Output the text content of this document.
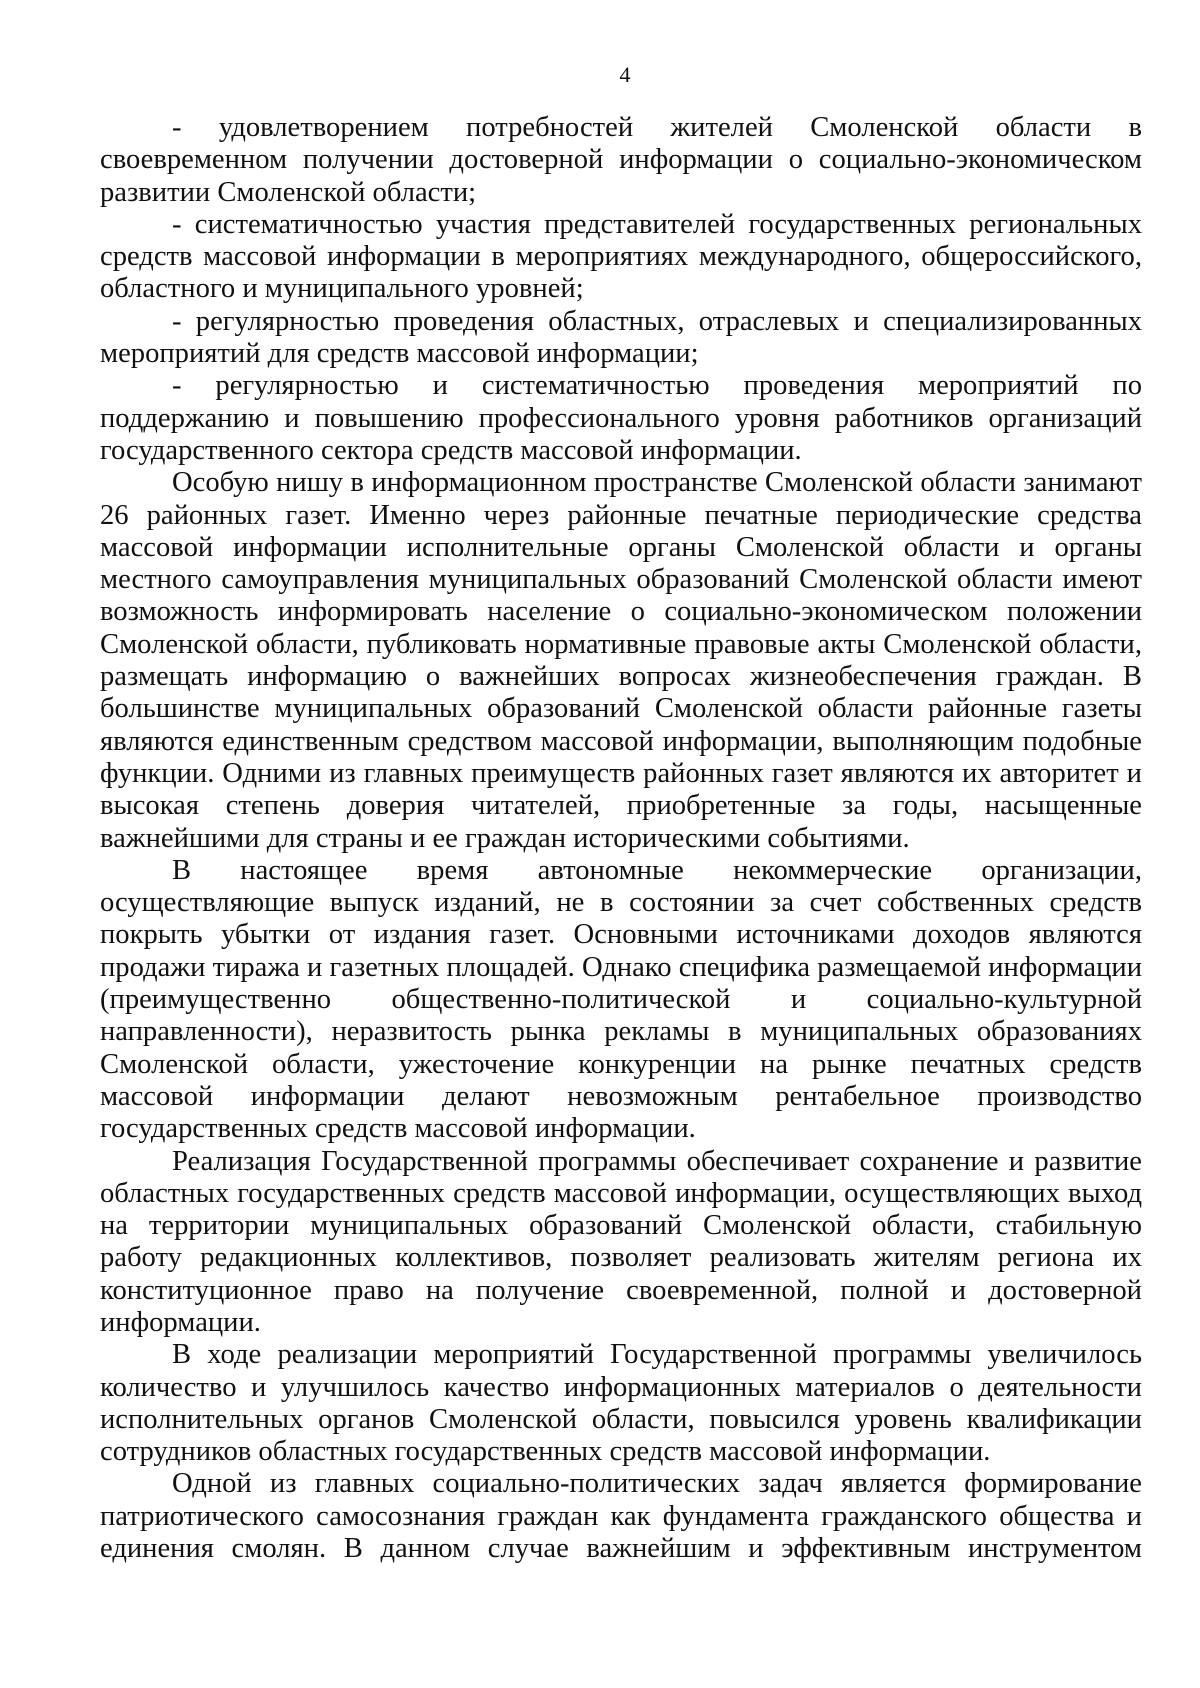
4

- удовлетворением потребностей жителей Смоленской области в своевременном получении достоверной информации о социально-экономическом развитии Смоленской области;

- систематичностью участия представителей государственных региональных средств массовой информации в мероприятиях международного, общероссийского, областного и муниципального уровней;

- регулярностью проведения областных, отраслевых и специализированных мероприятий для средств массовой информации;

- регулярностью и систематичностью проведения мероприятий по поддержанию и повышению профессионального уровня работников организаций государственного сектора средств массовой информации.

Особую нишу в информационном пространстве Смоленской области занимают 26 районных газет. Именно через районные печатные периодические средства массовой информации исполнительные органы Смоленской области и органы местного самоуправления муниципальных образований Смоленской области имеют возможность информировать население о социально-экономическом положении Смоленской области, публиковать нормативные правовые акты Смоленской области, размещать информацию о важнейших вопросах жизнеобеспечения граждан. В большинстве муниципальных образований Смоленской области районные газеты являются единственным средством массовой информации, выполняющим подобные функции. Одними из главных преимуществ районных газет являются их авторитет и высокая степень доверия читателей, приобретенные за годы, насыщенные важнейшими для страны и ее граждан историческими событиями.

В настоящее время автономные некоммерческие организации, осуществляющие выпуск изданий, не в состоянии за счет собственных средств покрыть убытки от издания газет. Основными источниками доходов являются продажи тиража и газетных площадей. Однако специфика размещаемой информации (преимущественно общественно-политической и социально-культурной направленности), неразвитость рынка рекламы в муниципальных образованиях Смоленской области, ужесточение конкуренции на рынке печатных средств массовой информации делают невозможным рентабельное производство государственных средств массовой информации.

Реализация Государственной программы обеспечивает сохранение и развитие областных государственных средств массовой информации, осуществляющих выход на территории муниципальных образований Смоленской области, стабильную работу редакционных коллективов, позволяет реализовать жителям региона их конституционное право на получение своевременной, полной и достоверной информации.

В ходе реализации мероприятий Государственной программы увеличилось количество и улучшилось качество информационных материалов о деятельности исполнительных органов Смоленской области, повысился уровень квалификации сотрудников областных государственных средств массовой информации.

Одной из главных социально-политических задач является формирование патриотического самосознания граждан как фундамента гражданского общества и единения смолян. В данном случае важнейшим и эффективным инструментом
